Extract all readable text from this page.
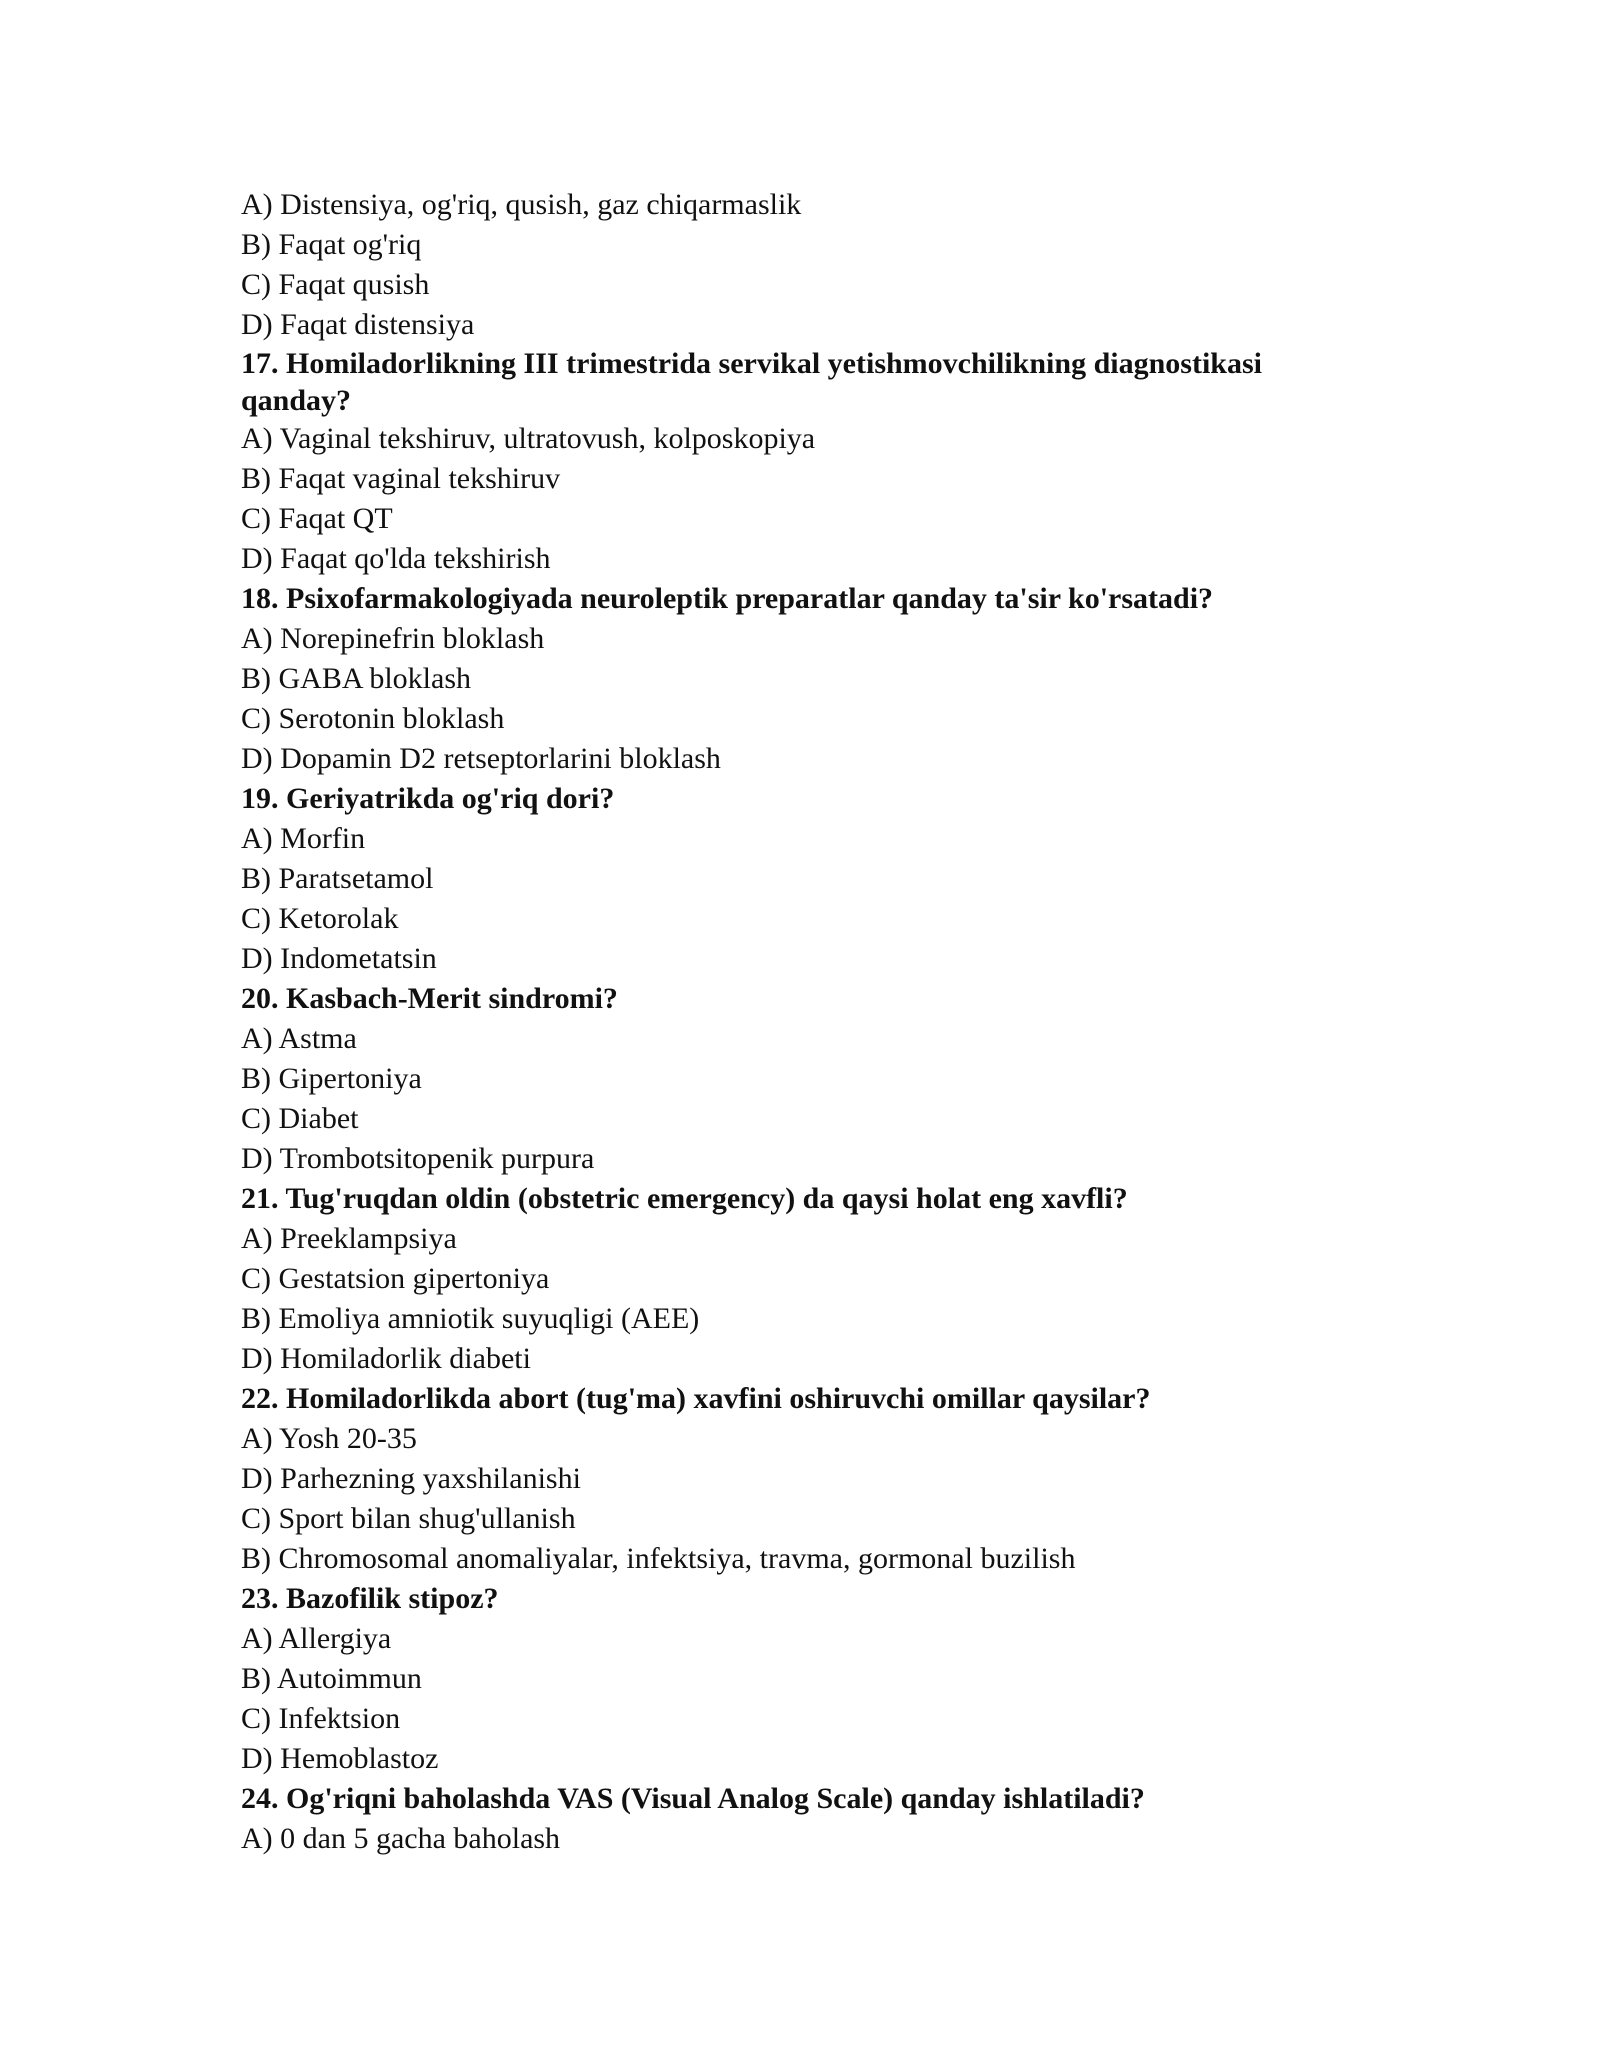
A) Distensiya, og'riq, qusish, gaz chiqarmaslik
B) Faqat og'riq
C) Faqat qusish
D) Faqat distensiya
17. Homiladorlikning III trimestrida servikal yetishmovchilikning diagnostikasi qanday?
A) Vaginal tekshiruv, ultratovush, kolposkopiya
B) Faqat vaginal tekshiruv
C) Faqat QT
D) Faqat qo'lda tekshirish
18. Psixofarmakologiyada neuroleptik preparatlar qanday ta'sir ko'rsatadi?
A) Norepinefrin bloklash
B) GABA bloklash
C) Serotonin bloklash
D) Dopamin D2 retseptorlarini bloklash
19. Geriyatrikda og'riq dori?
A) Morfin
B) Paratsetamol
C) Ketorolak
D) Indometatsin
20. Kasbach-Merit sindromi?
A) Astma
B) Gipertoniya
C) Diabet
D) Trombotsitopenik purpura
21. Tug'ruqdan oldin (obstetric emergency) da qaysi holat eng xavfli?
A) Preeklampsiya
C) Gestatsion gipertoniya
B) Emoliya amniotik suyuqligi (AEE)
D) Homiladorlik diabeti
22. Homiladorlikda abort (tug'ma) xavfini oshiruvchi omillar qaysilar?
A) Yosh 20-35
D) Parhezning yaxshilanishi
C) Sport bilan shug'ullanish
B) Chromosomal anomaliyalar, infektsiya, travma, gormonal buzilish
23. Bazofilik stipoz?
A) Allergiya
B) Autoimmun
C) Infektsion
D) Hemoblastoz
24. Og'riqni baholashda VAS (Visual Analog Scale) qanday ishlatiladi?
A) 0 dan 5 gacha baholash
